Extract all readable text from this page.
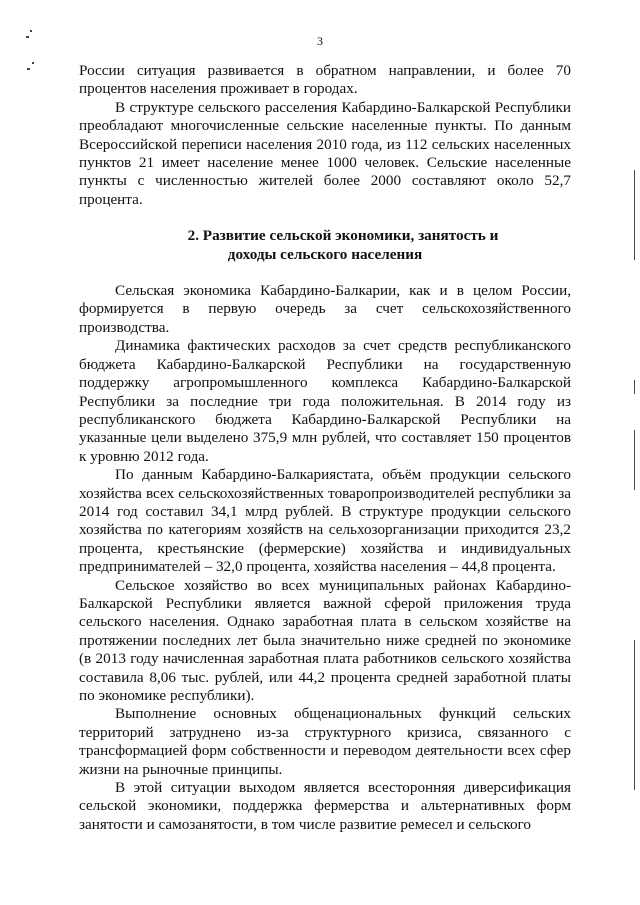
3

России ситуация развивается в обратном направлении, и более 70 процентов населения проживает в городах.

В структуре сельского расселения Кабардино-Балкарской Республики преобладают многочисленные сельские населенные пункты. По данным Всероссийской переписи населения 2010 года, из 112 сельских населенных пунктов 21 имеет население менее 1000 человек. Сельские населенные пункты с численностью жителей более 2000 составляют около 52,7 процента.

2. Развитие сельской экономики, занятость и доходы сельского населения

Сельская экономика Кабардино-Балкарии, как и в целом России, формируется в первую очередь за счет сельскохозяйственного производства.

Динамика фактических расходов за счет средств республиканского бюджета Кабардино-Балкарской Республики на государственную поддержку агропромышленного комплекса Кабардино-Балкарской Республики за последние три года положительная. В 2014 году из республиканского бюджета Кабардино-Балкарской Республики на указанные цели выделено 375,9 млн рублей, что составляет 150 процентов к уровню 2012 года.

По данным Кабардино-Балкариястата, объём продукции сельского хозяйства всех сельскохозяйственных товаропроизводителей республики за 2014 год составил 34,1 млрд рублей. В структуре продукции сельского хозяйства по категориям хозяйств на сельхозорганизации приходится 23,2 процента, крестьянские (фермерские) хозяйства и индивидуальных предпринимателей – 32,0 процента, хозяйства населения – 44,8 процента.

Сельское хозяйство во всех муниципальных районах Кабардино-Балкарской Республики является важной сферой приложения труда сельского населения. Однако заработная плата в сельском хозяйстве на протяжении последних лет была значительно ниже средней по экономике (в 2013 году начисленная заработная плата работников сельского хозяйства составила 8,06 тыс. рублей, или 44,2 процента средней заработной платы по экономике республики).

Выполнение основных общенациональных функций сельских территорий затруднено из-за структурного кризиса, связанного с трансформацией форм собственности и переводом деятельности всех сфер жизни на рыночные принципы.

В этой ситуации выходом является всесторонняя диверсификация сельской экономики, поддержка фермерства и альтернативных форм занятости и самозанятости, в том числе развитие ремесел и сельского
